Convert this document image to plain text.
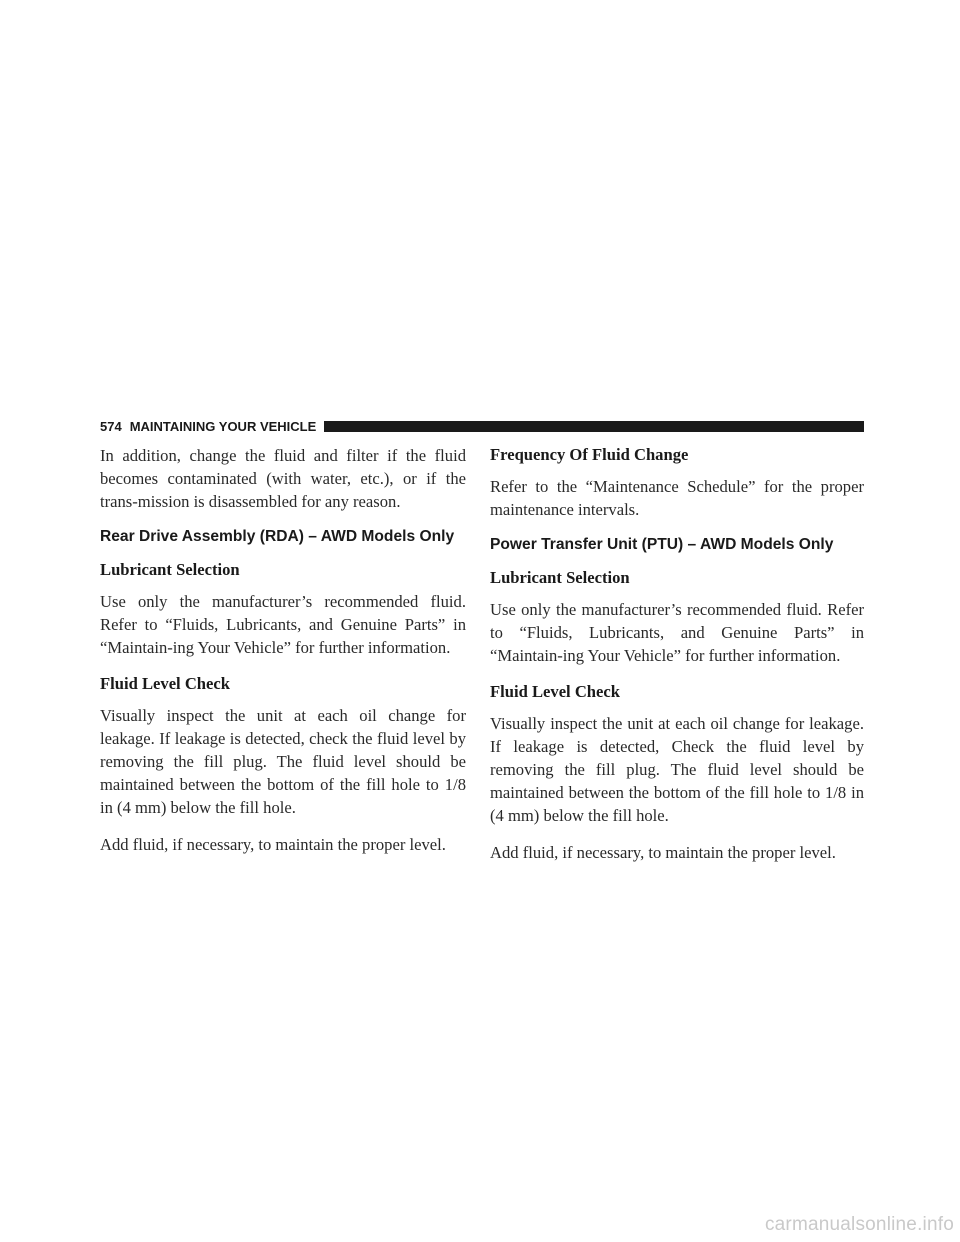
574 MAINTAINING YOUR VEHICLE

In addition, change the fluid and filter if the fluid becomes contaminated (with water, etc.), or if the trans-mission is disassembled for any reason.

Rear Drive Assembly (RDA) – AWD Models Only
Lubricant Selection

Use only the manufacturer’s recommended fluid. Refer to “Fluids, Lubricants, and Genuine Parts” in “Maintain-ing Your Vehicle” for further information.

Fluid Level Check

Visually inspect the unit at each oil change for leakage. If leakage is detected, check the fluid level by removing the fill plug. The fluid level should be maintained between the bottom of the fill hole to 1/8 in (4 mm) below the fill hole.

Add fluid, if necessary, to maintain the proper level.

Frequency Of Fluid Change

Refer to the “Maintenance Schedule” for the proper maintenance intervals.

Power Transfer Unit (PTU) – AWD Models Only
Lubricant Selection

Use only the manufacturer’s recommended fluid. Refer to “Fluids, Lubricants, and Genuine Parts” in “Maintain-ing Your Vehicle” for further information.

Fluid Level Check

Visually inspect the unit at each oil change for leakage. If leakage is detected, Check the fluid level by removing the fill plug. The fluid level should be maintained between the bottom of the fill hole to 1/8 in (4 mm) below the fill hole.

Add fluid, if necessary, to maintain the proper level.

carmanualsonline.info
